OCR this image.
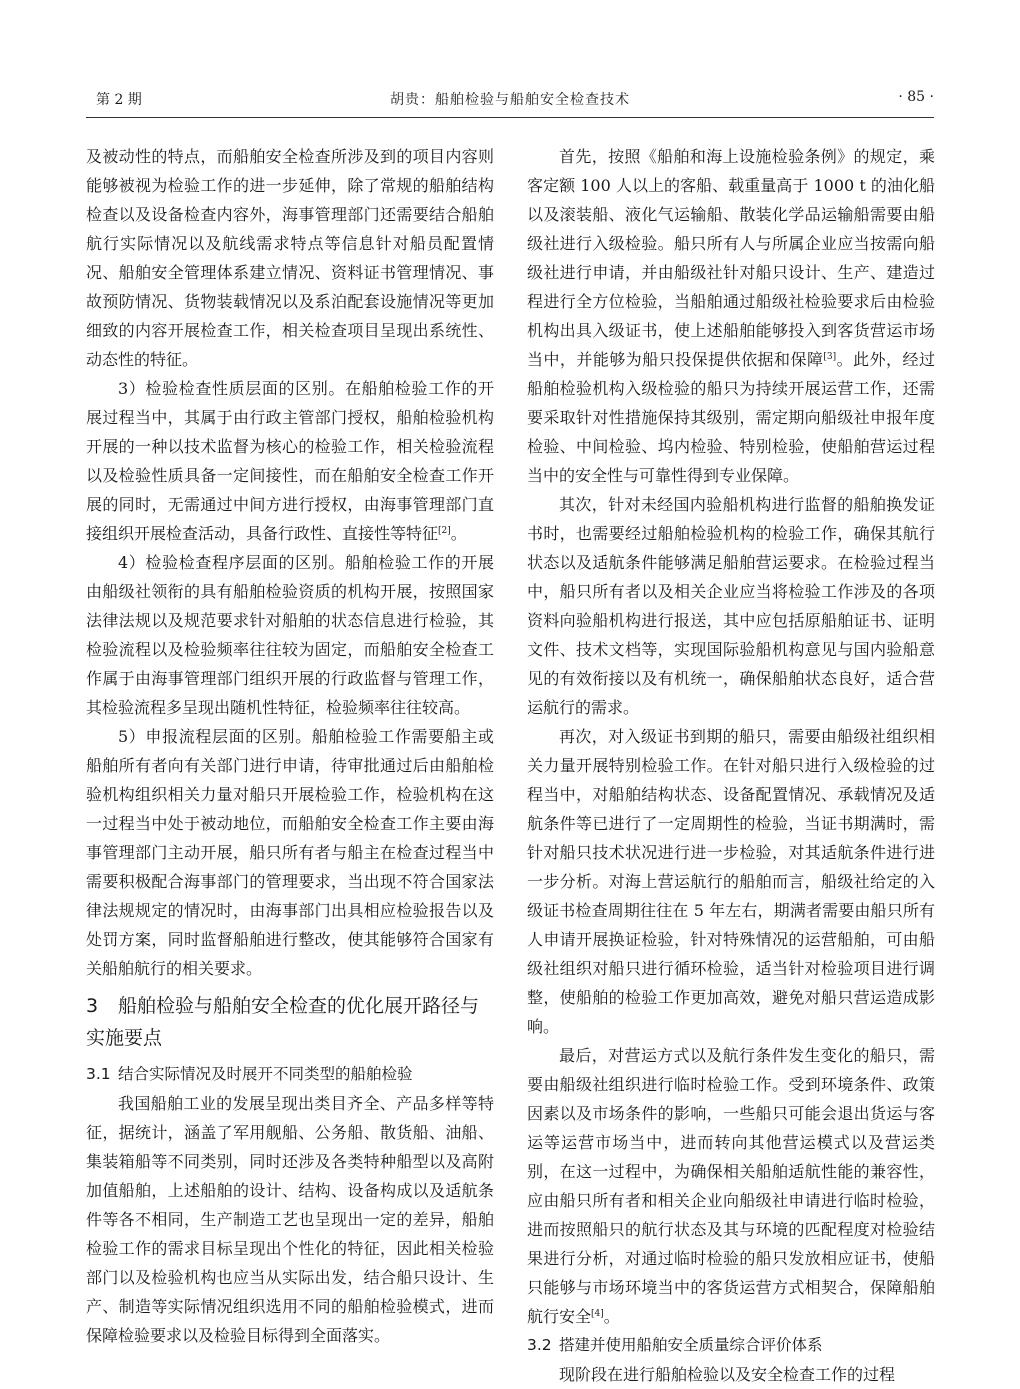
第 2 期	胡贵：船舶检验与船舶安全检查技术	· 85 ·

及被动性的特点，而船舶安全检查所涉及到的项目内容则能够被视为检验工作的进一步延伸，除了常规的船舶结构检查以及设备检查内容外，海事管理部门还需要结合船舶航行实际情况以及航线需求特点等信息针对船员配置情况、船舶安全管理体系建立情况、资料证书管理情况、事故预防情况、货物装载情况以及系泊配套设施情况等更加细致的内容开展检查工作，相关检查项目呈现出系统性、动态性的特征。

3）检验检查性质层面的区别。在船舶检验工作的开展过程当中，其属于由行政主管部门授权，船舶检验机构开展的一种以技术监督为核心的检验工作，相关检验流程以及检验性质具备一定间接性，而在船舶安全检查工作开展的同时，无需通过中间方进行授权，由海事管理部门直接组织开展检查活动，具备行政性、直接性等特征[2]。

4）检验检查程序层面的区别。船舶检验工作的开展由船级社领衔的具有船舶检验资质的机构开展，按照国家法律法规以及规范要求针对船舶的状态信息进行检验，其检验流程以及检验频率往往较为固定，而船舶安全检查工作属于由海事管理部门组织开展的行政监督与管理工作，其检验流程多呈现出随机性特征，检验频率往往较高。

5）申报流程层面的区别。船舶检验工作需要船主或船舶所有者向有关部门进行申请，待审批通过后由船舶检验机构组织相关力量对船只开展检验工作，检验机构在这一过程当中处于被动地位，而船舶安全检查工作主要由海事管理部门主动开展，船只所有者与船主在检查过程当中需要积极配合海事部门的管理要求，当出现不符合国家法律法规规定的情况时，由海事部门出具相应检验报告以及处罚方案，同时监督船舶进行整改，使其能够符合国家有关船舶航行的相关要求。

3 船舶检验与船舶安全检查的优化展开路径与实施要点

3.1 结合实际情况及时展开不同类型的船舶检验

我国船舶工业的发展呈现出类目齐全、产品多样等特征，据统计，涵盖了军用舰船、公务船、散货船、油船、集装箱船等不同类别，同时还涉及各类特种船型以及高附加值船舶，上述船舶的设计、结构、设备构成以及适航条件等各不相同，生产制造工艺也呈现出一定的差异，船舶检验工作的需求目标呈现出个性化的特征，因此相关检验部门以及检验机构也应当从实际出发，结合船只设计、生产、制造等实际情况组织选用不同的船舶检验模式，进而保障检验要求以及检验目标得到全面落实。

首先，按照《船舶和海上设施检验条例》的规定，乘客定额 100 人以上的客船、载重量高于 1000 t 的油化船以及滚装船、液化气运输船、散装化学品运输船需要由船级社进行入级检验。船只所有人与所属企业应当按需向船级社进行申请，并由船级社针对船只设计、生产、建造过程进行全方位检验，当船舶通过船级社检验要求后由检验机构出具入级证书，使上述船舶能够投入到客货营运市场当中，并能够为船只投保提供依据和保障[3]。此外，经过船舶检验机构入级检验的船只为持续开展运营工作，还需要采取针对性措施保持其级别，需定期向船级社申报年度检验、中间检验、坞内检验、特别检验，使船舶营运过程当中的安全性与可靠性得到专业保障。

其次，针对未经国内验船机构进行监督的船舶换发证书时，也需要经过船舶检验机构的检验工作，确保其航行状态以及适航条件能够满足船舶营运要求。在检验过程当中，船只所有者以及相关企业应当将检验工作涉及的各项资料向验船机构进行报送，其中应包括原船舶证书、证明文件、技术文档等，实现国际验船机构意见与国内验船意见的有效衔接以及有机统一，确保船舶状态良好，适合营运航行的需求。

再次，对入级证书到期的船只，需要由船级社组织相关力量开展特别检验工作。在针对船只进行入级检验的过程当中，对船舶结构状态、设备配置情况、承载情况及适航条件等已进行了一定周期性的检验，当证书期满时，需针对船只技术状况进行进一步检验，对其适航条件进行进一步分析。对海上营运航行的船舶而言，船级社给定的入级证书检查周期往往在 5 年左右，期满者需要由船只所有人申请开展换证检验，针对特殊情况的运营船舶，可由船级社组织对船只进行循环检验，适当针对检验项目进行调整，使船舶的检验工作更加高效，避免对船只营运造成影响。

最后，对营运方式以及航行条件发生变化的船只，需要由船级社组织进行临时检验工作。受到环境条件、政策因素以及市场条件的影响，一些船只可能会退出货运与客运等运营市场当中，进而转向其他营运模式以及营运类别，在这一过程中，为确保相关船舶适航性能的兼容性，应由船只所有者和相关企业向船级社申请进行临时检验，进而按照船只的航行状态及其与环境的匹配程度对检验结果进行分析，对通过临时检验的船只发放相应证书，使船只能够与市场环境当中的客货运营方式相契合，保障船舶航行安全[4]。

3.2 搭建并使用船舶安全质量综合评价体系

现阶段在进行船舶检验以及安全检查工作的过程
